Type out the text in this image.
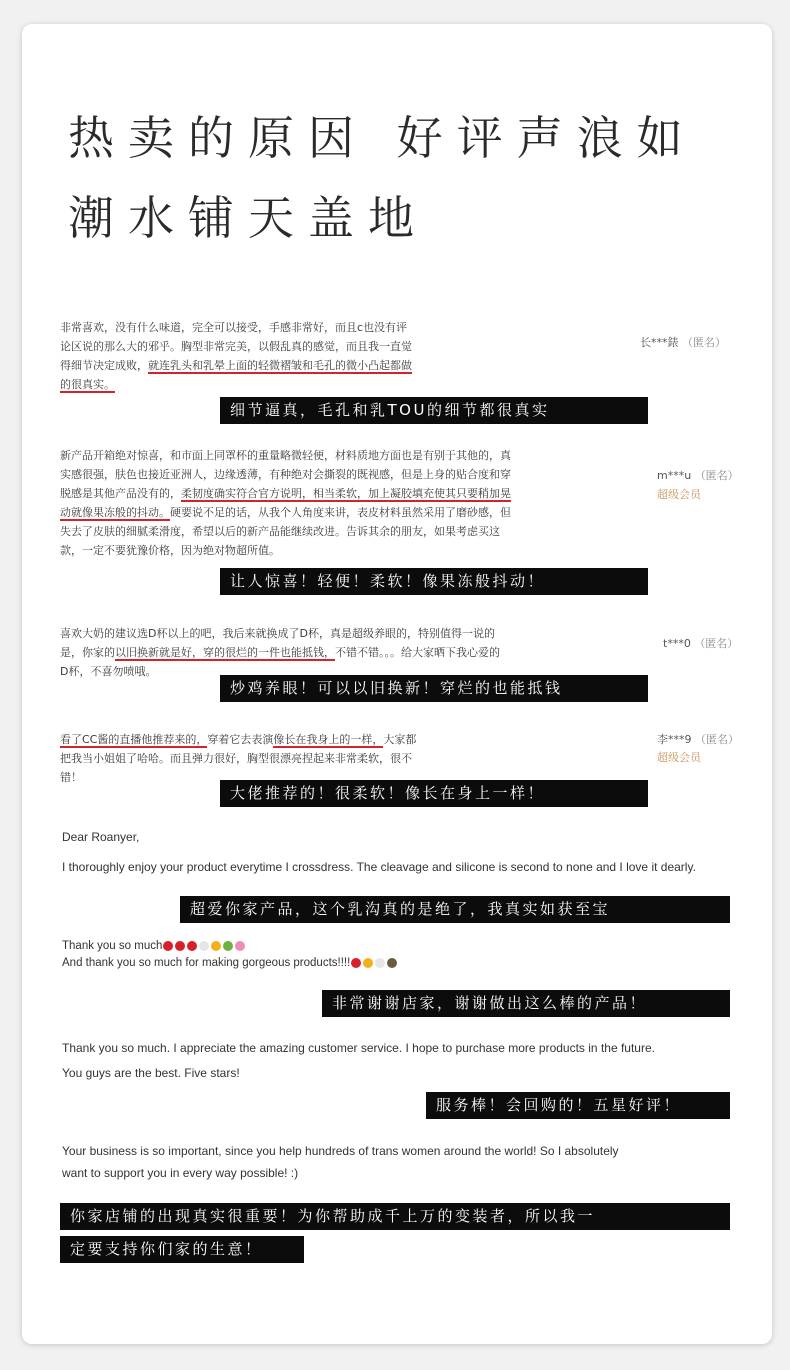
热卖的原因 好评声浪如
潮水铺天盖地
非常喜欢，没有什么味道，完全可以接受，手感非常好，而且c也没有评
论区说的那么大的邪乎。胸型非常完美，以假乱真的感觉，而且我一直觉
得细节决定成败，就连乳头和乳晕上面的轻微褶皱和毛孔的微小凸起都做
的很真实。
长***錶 （匿名）
细节逼真，毛孔和乳TOU的细节都很真实
新产品开箱绝对惊喜，和市面上同罩杯的重量略微轻便，材料质地方面也是有别于其他的，真
实感很强，肤色也接近亚洲人，边缘透薄，有种绝对会撕裂的既视感，但是上身的贴合度和穿
脱感是其他产品没有的，柔韧度确实符合官方说明，相当柔软，加上凝胶填充使其只要稍加晃
动就像果冻般的抖动。硬要说不足的话，从我个人角度来讲，表皮材料虽然采用了磨砂感，但
失去了皮肤的细腻柔滑度，希望以后的新产品能继续改进。告诉其余的朋友，如果考虑买这
款，一定不要犹豫价格，因为绝对物超所值。
m***u （匿名）
超级会员
让人惊喜！轻便！柔软！像果冻般抖动！
喜欢大奶的建议选D杯以上的吧，我后来就换成了D杯，真是超级养眼的，特别值得一说的
是，你家的以旧换新就是好，穿的很烂的一件也能抵钱，不错不错。。。给大家晒下我心爱的
D杯，不喜勿喷哦。
t***0 （匿名）
炒鸡养眼！可以以旧换新！穿烂的也能抵钱
看了CC酱的直播他推荐来的，穿着它去表演像长在我身上的一样，大家都
把我当小姐姐了哈哈。而且弹力很好，胸型很漂亮捏起来非常柔软，很不
错！
李***9 （匿名）
超级会员
大佬推荐的！很柔软！像长在身上一样！
Dear Roanyer,
I thoroughly enjoy your product everytime I crossdress. The cleavage and silicone is second to none and I love it dearly.
超爱你家产品，这个乳沟真的是绝了，我真实如获至宝
Thank you so much
And thank you so much for making gorgeous products!!!!
非常谢谢店家，谢谢做出这么棒的产品！
Thank you so much. I appreciate the amazing customer service. I hope to purchase more products in the future.
You guys are the best. Five stars!
服务棒！会回购的！五星好评！
Your business is so important, since you help hundreds of trans women around the world! So I absolutely
want to support you in every way possible! :)
你家店铺的出现真实很重要！为你帮助成千上万的变装者，所以我一
定要支持你们家的生意！
